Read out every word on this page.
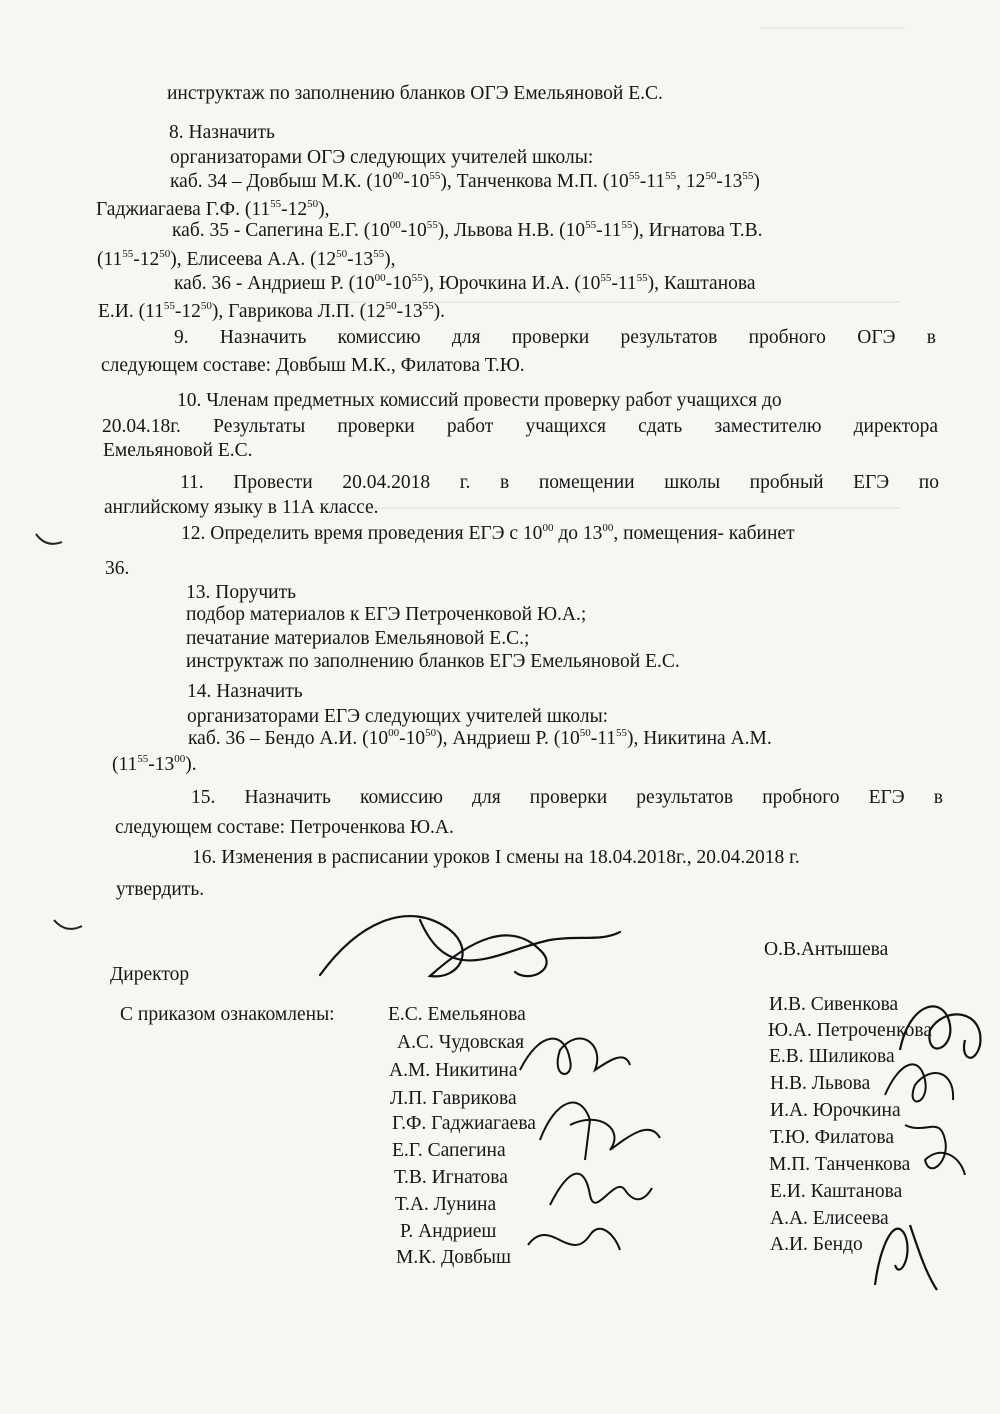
инструктаж по заполнению бланков ОГЭ Емельяновой Е.С.
8. Назначить
организаторами ОГЭ следующих учителей школы:
каб. 34 – Довбыш М.К. $(10^{00}-10^{55})$, Танченкова М.П. ($10^{55}-11^{55}$, $12^{50}-13^{55}$)
Гаджиагаева Г.Ф. $(11^{55}-12^{50})$,
каб. 35 - Сапегина Е.Г. $(10^{00}-10^{55})$, Львова Н.В. $(10^{55}-11^{55})$, Игнатова Т.В.
$(11^{55}-12^{50})$, Елисеева А.А. $(12^{50}-13^{55})$,
каб. 36 - Андриеш Р. $(10^{00}-10^{55})$, Юрочкина И.А. $(10^{55}-11^{55})$, Каштанова
Е.И. $(11^{55}-12^{50})$, Гаврикова Л.П. $(12^{50}-13^{55})$.
9. Назначить комиссию для проверки результатов пробного ОГЭ в
следующем составе: Довбыш М.К., Филатова Т.Ю.
10. Членам предметных комиссий провести проверку работ учащихся до
20.04.18г. Результаты проверки работ учащихся сдать заместителю директора
Емельяновой Е.С.
11. Провести 20.04.2018 г. в помещении школы пробный ЕГЭ по
английскому языку в 11А классе.
12. Определить время проведения ЕГЭ с $10^{00}$ до $13^{00}$, помещения- кабинет
36.
13. Поручить
подбор материалов к ЕГЭ Петроченковой Ю.А.;
печатание материалов Емельяновой Е.С.;
инструктаж по заполнению бланков ЕГЭ Емельяновой Е.С.
14. Назначить
организаторами ЕГЭ следующих учителей школы:
каб. 36 – Бендо А.И. $(10^{00}-10^{50})$, Андриеш Р. $(10^{50}-11^{55})$, Никитина А.М.
$(11^{55}-13^{00})$.
15. Назначить комиссию для проверки результатов пробного ЕГЭ в
следующем составе: Петроченкова Ю.А.
16. Изменения в расписании уроков I смены на 18.04.2018г., 20.04.2018 г.
утвердить.
О.В.Антышева
Директор
С приказом ознакомлены:	Е.С. Емельянова
А.С. Чудовская
А.М. Никитина
Л.П. Гаврикова
Г.Ф. Гаджиагаева
Е.Г. Сапегина
Т.В. Игнатова
Т.А. Лунина
Р. Андриеш
М.К. Довбыш
И.В. Сивенкова
Ю.А. Петроченкова
Е.В. Шиликова
Н.В. Львова
И.А. Юрочкина
Т.Ю. Филатова
М.П. Танченкова
Е.И. Каштанова
А.А. Елисеева
А.И. Бендо
